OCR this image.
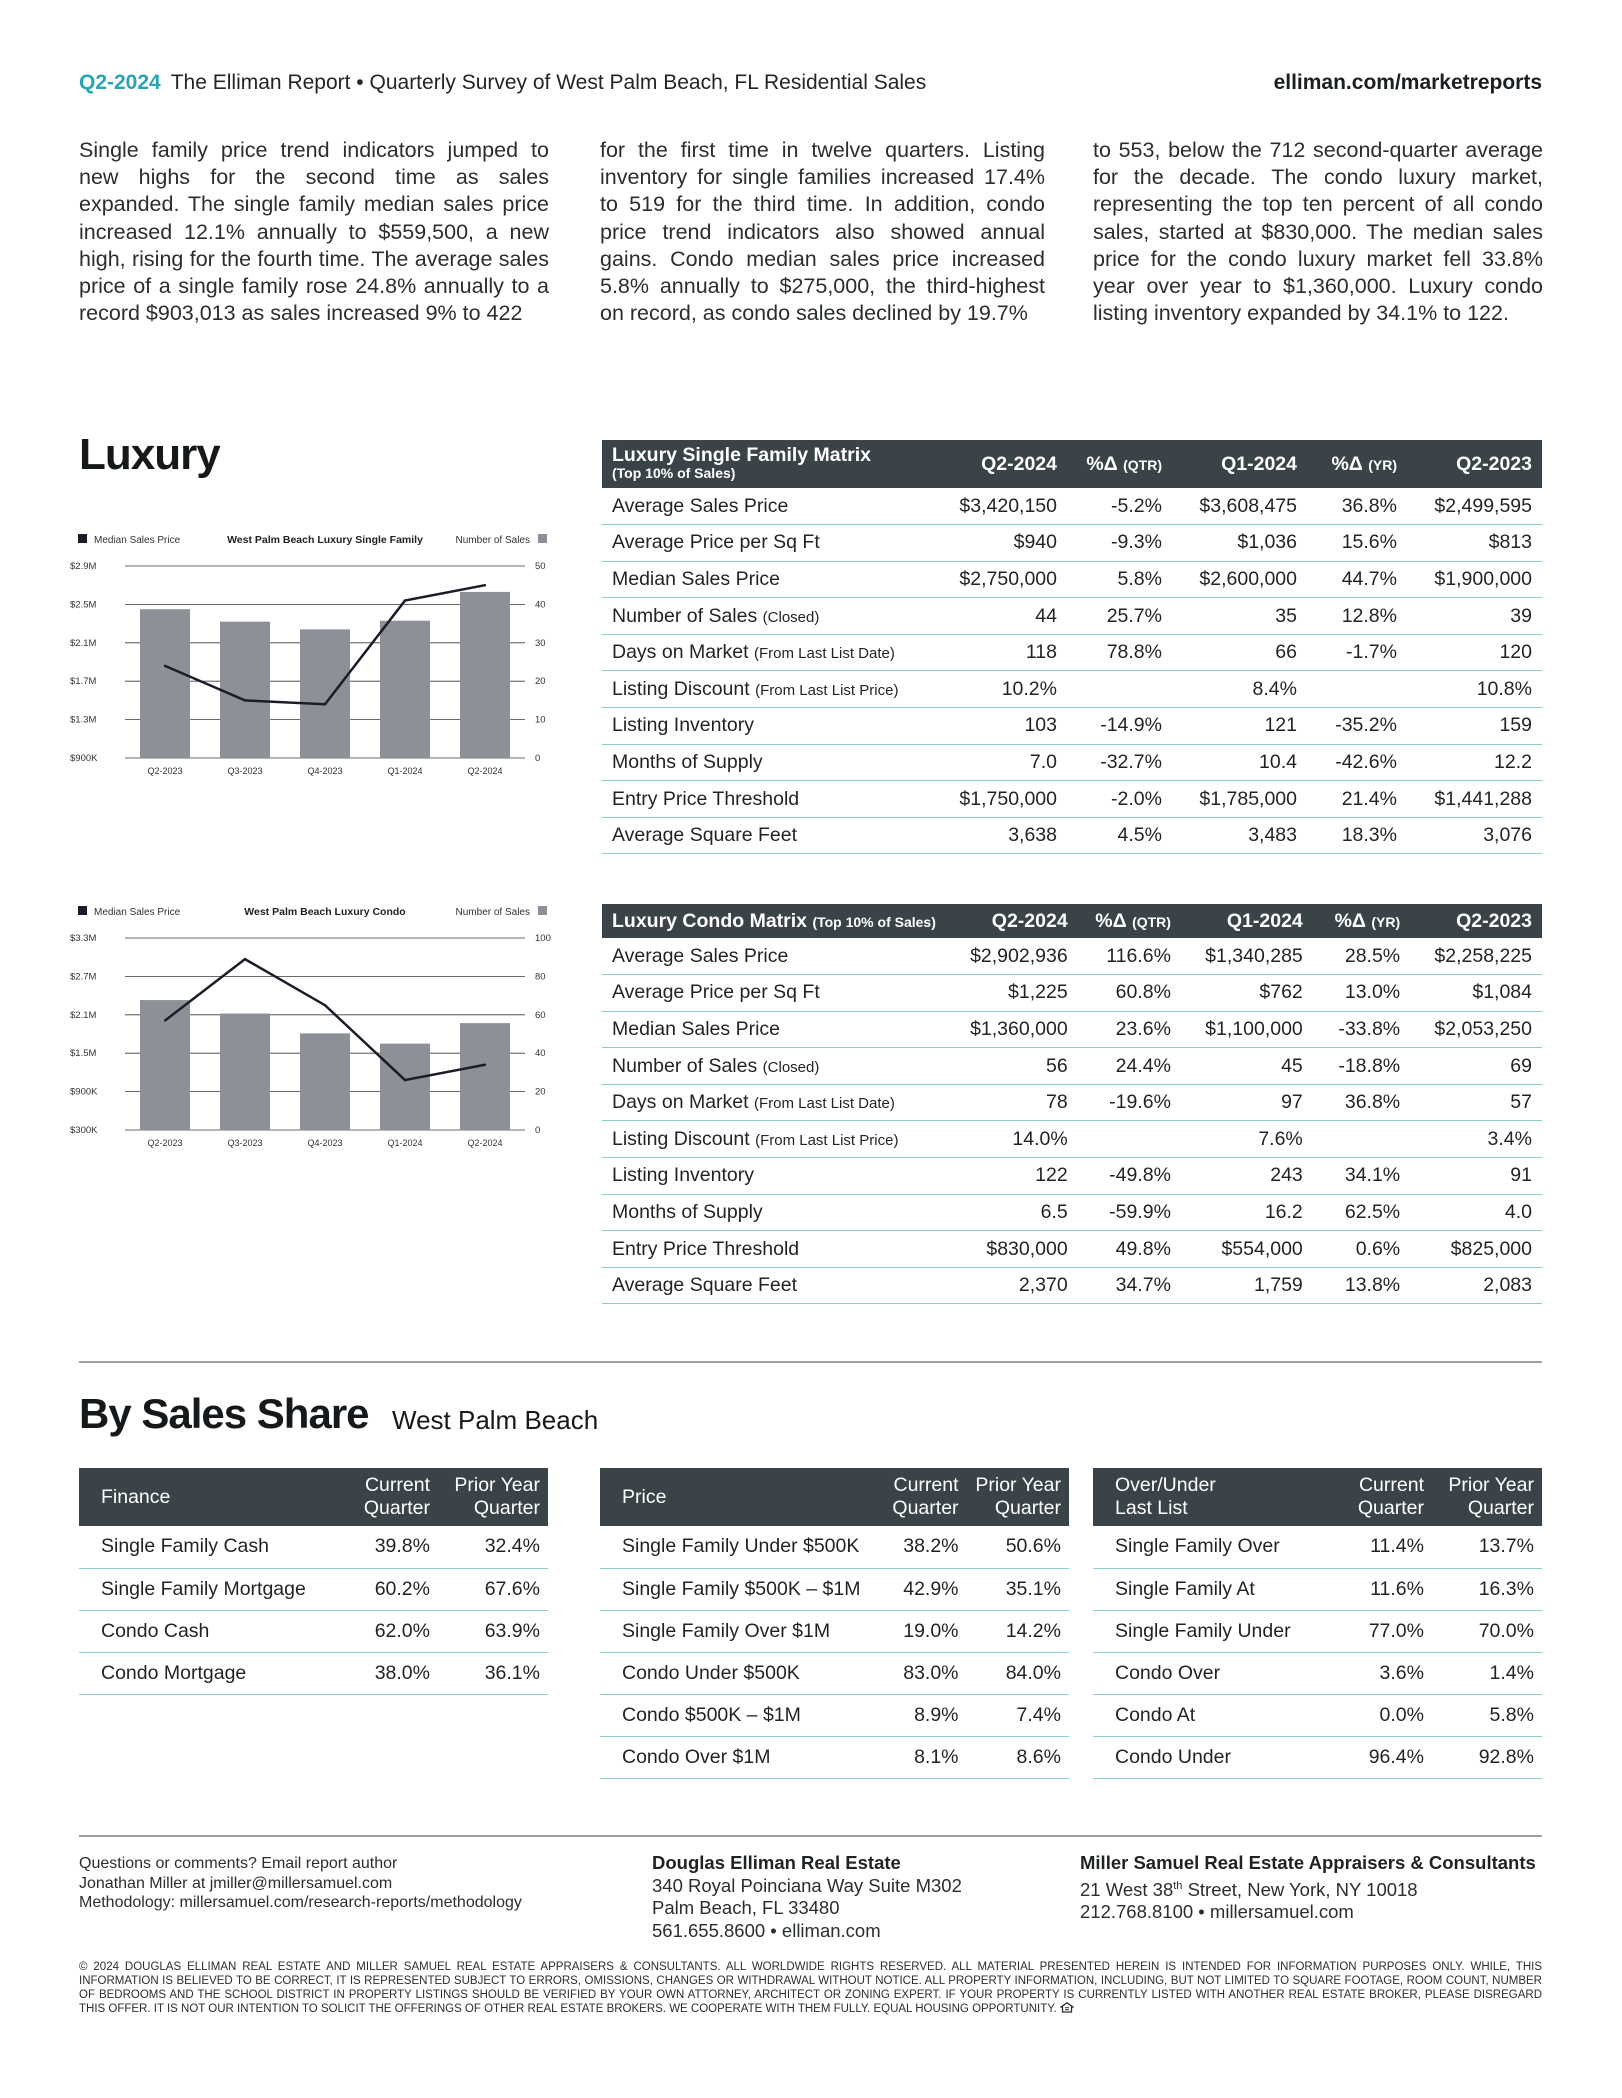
Q2-2024 The Elliman Report • Quarterly Survey of West Palm Beach, FL Residential Sales	elliman.com/marketreports
Single family price trend indicators jumped to new highs for the second time as sales expanded. The single family median sales price increased 12.1% annually to $559,500, a new high, rising for the fourth time. The average sales price of a single family rose 24.8% annually to a record $903,013 as sales increased 9% to 422
for the first time in twelve quarters. Listing inventory for single families increased 17.4% to 519 for the third time. In addition, condo price trend indicators also showed annual gains. Condo median sales price increased 5.8% annually to $275,000, the third-highest on record, as condo sales declined by 19.7%
to 553, below the 712 second-quarter average for the decade. The condo luxury market, representing the top ten percent of all condo sales, started at $830,000. The median sales price for the condo luxury market fell 33.8% year over year to $1,360,000. Luxury condo listing inventory expanded by 34.1% to 122.
Luxury
Median Sales Price	West Palm Beach Luxury Single Family	Number of Sales
$2.9M	50
$2.5M	40
$2.1M	30
$1.7M	20
$1.3M	10
$900K	0
Q2-2023	Q3-2023	Q4-2023	Q1-2024	Q2-2024
Median Sales Price	West Palm Beach Luxury Condo	Number of Sales
$3.3M	100
$2.7M	80
$2.1M	60
$1.5M	40
$900K	20
$300K	0
Q2-2023	Q3-2023	Q4-2023	Q1-2024	Q2-2024
Luxury Single Family Matrix
(Top 10% of Sales)	Q2-2024	%Δ (QTR)	Q1-2024	%Δ (YR)	Q2-2023
Average Sales Price	$3,420,150	-5.2%	$3,608,475	36.8%	$2,499,595
Average Price per Sq Ft	$940	-9.3%	$1,036	15.6%	$813
Median Sales Price	$2,750,000	5.8%	$2,600,000	44.7%	$1,900,000
Number of Sales (Closed)	44	25.7%	35	12.8%	39
Days on Market (From Last List Date)	118	78.8%	66	-1.7%	120
Listing Discount (From Last List Price)	10.2%		8.4%		10.8%
Listing Inventory	103	-14.9%	121	-35.2%	159
Months of Supply	7.0	-32.7%	10.4	-42.6%	12.2
Entry Price Threshold	$1,750,000	-2.0%	$1,785,000	21.4%	$1,441,288
Average Square Feet	3,638	4.5%	3,483	18.3%	3,076
Luxury Condo Matrix (Top 10% of Sales)	Q2-2024	%Δ (QTR)	Q1-2024	%Δ (YR)	Q2-2023
Average Sales Price	$2,902,936	116.6%	$1,340,285	28.5%	$2,258,225
Average Price per Sq Ft	$1,225	60.8%	$762	13.0%	$1,084
Median Sales Price	$1,360,000	23.6%	$1,100,000	-33.8%	$2,053,250
Number of Sales (Closed)	56	24.4%	45	-18.8%	69
Days on Market (From Last List Date)	78	-19.6%	97	36.8%	57
Listing Discount (From Last List Price)	14.0%		7.6%		3.4%
Listing Inventory	122	-49.8%	243	34.1%	91
Months of Supply	6.5	-59.9%	16.2	62.5%	4.0
Entry Price Threshold	$830,000	49.8%	$554,000	0.6%	$825,000
Average Square Feet	2,370	34.7%	1,759	13.8%	2,083
By Sales Share West Palm Beach
Finance	Current
Quarter	Prior Year
Quarter
Single Family Cash	39.8%	32.4%
Single Family Mortgage	60.2%	67.6%
Condo Cash	62.0%	63.9%
Condo Mortgage	38.0%	36.1%
Price	Current
Quarter	Prior Year
Quarter
Single Family Under $500K	38.2%	50.6%
Single Family $500K – $1M	42.9%	35.1%
Single Family Over $1M	19.0%	14.2%
Condo Under $500K	83.0%	84.0%
Condo $500K – $1M	8.9%	7.4%
Condo Over $1M	8.1%	8.6%
Over/Under
Last List	Current
Quarter	Prior Year
Quarter
Single Family Over	11.4%	13.7%
Single Family At	11.6%	16.3%
Single Family Under	77.0%	70.0%
Condo Over	3.6%	1.4%
Condo At	0.0%	5.8%
Condo Under	96.4%	92.8%
Questions or comments? Email report author
Jonathan Miller at jmiller@millersamuel.com
Methodology: millersamuel.com/research-reports/methodology
Douglas Elliman Real Estate
340 Royal Poinciana Way Suite M302
Palm Beach, FL 33480
561.655.8600 • elliman.com
Miller Samuel Real Estate Appraisers & Consultants
21 West 38th Street, New York, NY 10018
212.768.8100 • millersamuel.com
© 2024 DOUGLAS ELLIMAN REAL ESTATE AND MILLER SAMUEL REAL ESTATE APPRAISERS & CONSULTANTS. ALL WORLDWIDE RIGHTS RESERVED. ALL MATERIAL PRESENTED HEREIN IS INTENDED FOR INFORMATION PURPOSES ONLY. WHILE, THIS INFORMATION IS BELIEVED TO BE CORRECT, IT IS REPRESENTED SUBJECT TO ERRORS, OMISSIONS, CHANGES OR WITHDRAWAL WITHOUT NOTICE. ALL PROPERTY INFORMATION, INCLUDING, BUT NOT LIMITED TO SQUARE FOOTAGE, ROOM COUNT, NUMBER OF BEDROOMS AND THE SCHOOL DISTRICT IN PROPERTY LISTINGS SHOULD BE VERIFIED BY YOUR OWN ATTORNEY, ARCHITECT OR ZONING EXPERT. IF YOUR PROPERTY IS CURRENTLY LISTED WITH ANOTHER REAL ESTATE BROKER, PLEASE DISREGARD THIS OFFER. IT IS NOT OUR INTENTION TO SOLICIT THE OFFERINGS OF OTHER REAL ESTATE BROKERS. WE COOPERATE WITH THEM FULLY. EQUAL HOUSING OPPORTUNITY.
